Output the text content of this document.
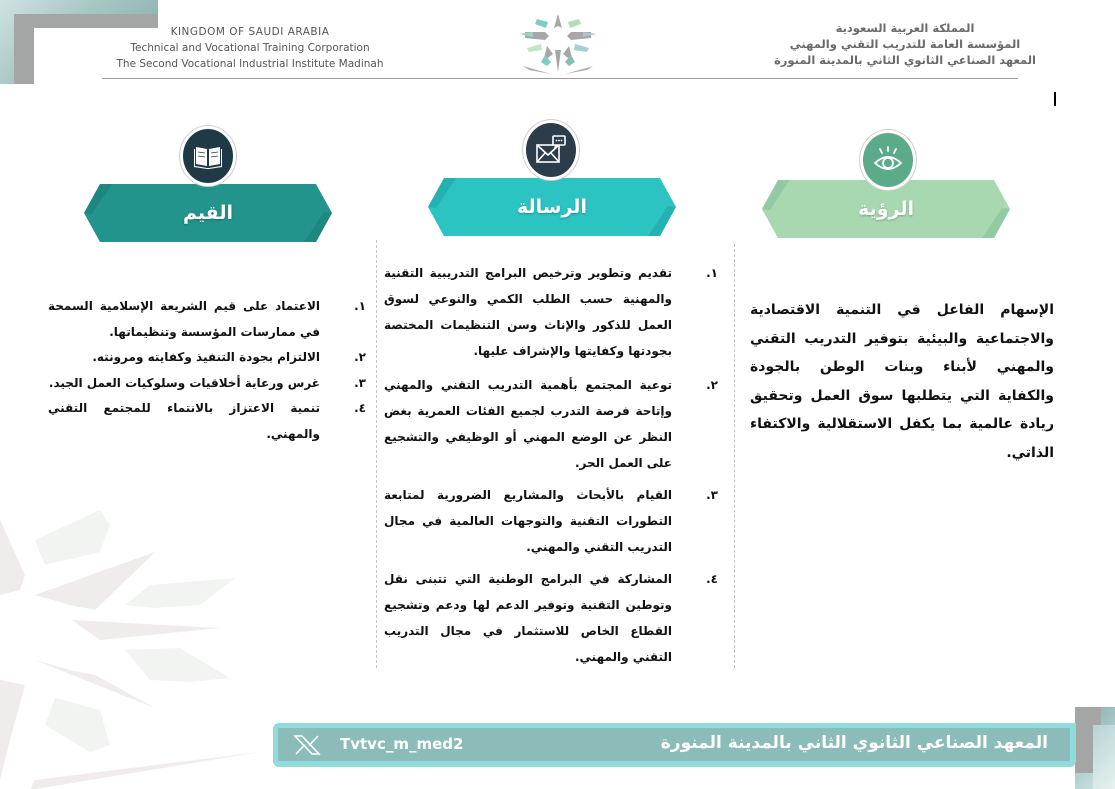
KINGDOM OF SAUDI ARABIA
Technical and Vocational Training Corporation
The Second Vocational Industrial Institute Madinah
المملكة العربية السعودية
المؤسسة العامة للتدريب التقني والمهني
المعهد الصناعي الثانوي الثاني بالمدينة المنورة
الرؤية
الرسالة
القيم
الإسهام الفاعل في التنمية الاقتصادية والاجتماعية والبيئية بتوفير التدريب التقني والمهني لأبناء وبنات الوطن بالجودة والكفاية التي يتطلبها سوق العمل وتحقيق ريادة عالمية بما يكفل الاستقلالية والاكتفاء الذاتي.
١.
تقديم وتطوير وترخيص البرامج التدريبية التقنية والمهنية حسب الطلب الكمي والنوعي لسوق العمل للذكور والإناث وسن التنظيمات المختصة بجودتها وكفايتها والإشراف عليها.
٢.
توعية المجتمع بأهمية التدريب التقني والمهني وإتاحة فرصة التدرب لجميع الفئات العمرية بغض النظر عن الوضع المهني أو الوظيفي والتشجيع على العمل الحر.
٣.
القيام بالأبحاث والمشاريع الضرورية لمتابعة التطورات التقنية والتوجهات العالمية في مجال التدريب التقني والمهني.
٤.
المشاركة في البرامج الوطنية التي تتبنى نقل وتوطين التقنية وتوفير الدعم لها ودعم وتشجيع القطاع الخاص للاستثمار في مجال التدريب التقني والمهني.
١.
الاعتماد على قيم الشريعة الإسلامية السمحة في ممارسات المؤسسة وتنظيماتها.
٢.
الالتزام بجودة التنفيذ وكفايته ومرونته.
٣.
غرس ورعاية أخلاقيات وسلوكيات العمل الجيد.
٤.
تنمية الاعتزاز بالانتماء للمجتمع التقني والمهني.
Tvtvc_m_med2	المعهد الصناعي الثانوي الثاني بالمدينة المنورة
